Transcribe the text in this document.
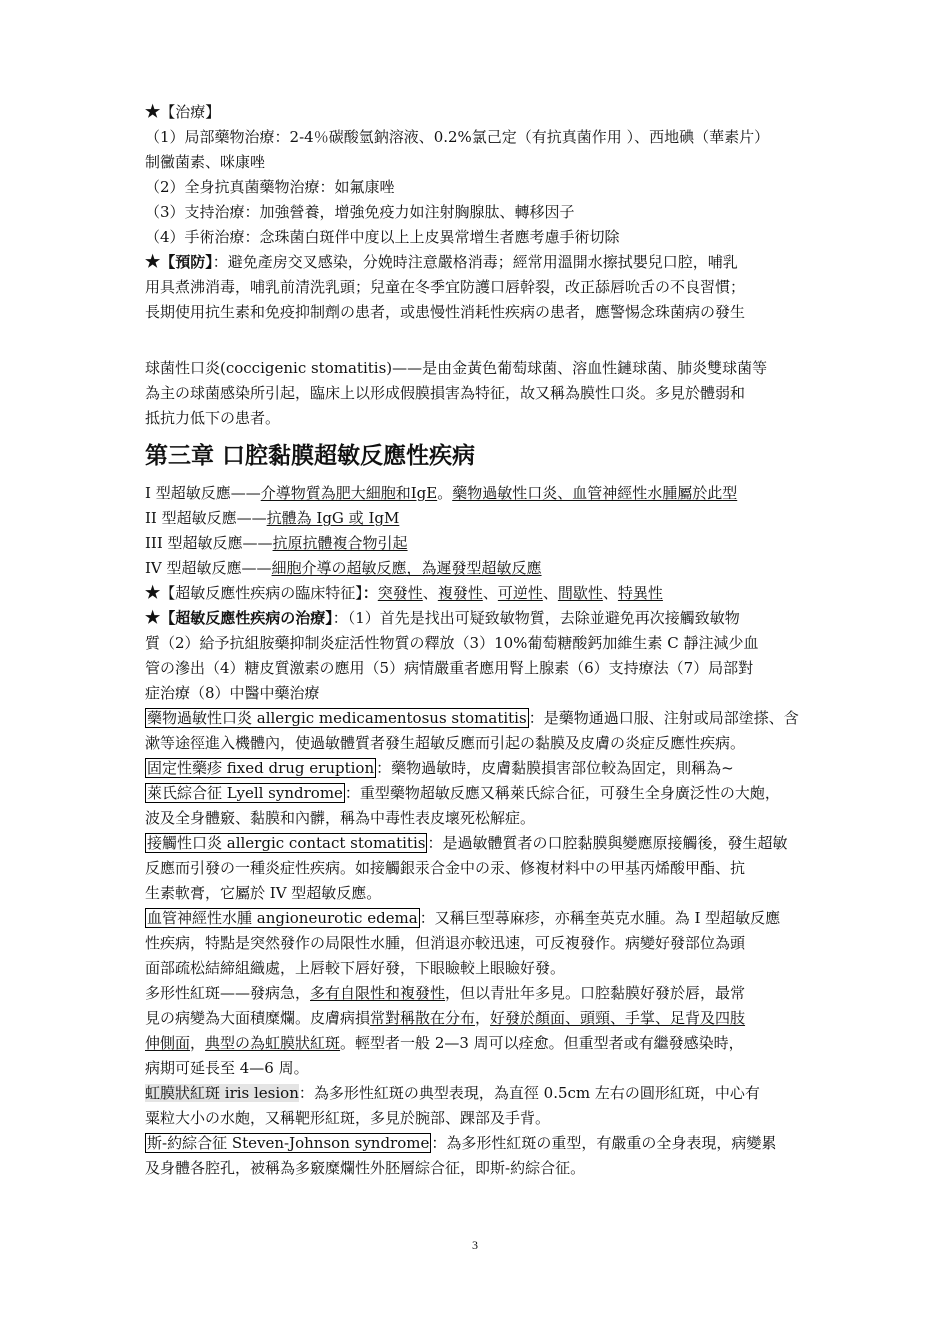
★【治療】
（1）局部藥物治療：2-4％碳酸氫鈉溶液、0.2%氯己定（有抗真菌作用 ）、西地碘（華素片）
制黴菌素、咪康唑
（2）全身抗真菌藥物治療：如氟康唑
（3）支持治療：加強營養，增強免疫力如注射胸腺肽、轉移因子
（4）手術治療：念珠菌白斑伴中度以上上皮異常增生者應考慮手術切除
★【預防】：避免產房交叉感染，分娩時注意嚴格消毒；經常用溫開水擦拭嬰兒口腔，哺乳
用具煮沸消毒，哺乳前清洗乳頭；兒童在冬季宜防護口唇幹裂，改正舔唇吮舌の不良習慣；
長期使用抗生素和免疫抑制劑の患者，或患慢性消耗性疾病の患者，應警惕念珠菌病の發生
球菌性口炎(coccigenic stomatitis)——是由金黃色葡萄球菌、溶血性鏈球菌、肺炎雙球菌等
為主の球菌感染所引起，臨床上以形成假膜損害為特征，故又稱為膜性口炎。多見於體弱和
抵抗力低下の患者。
第三章 口腔黏膜超敏反應性疾病
I 型超敏反應——介導物質為肥大細胞和IgE。藥物過敏性口炎、血管神經性水腫屬於此型
II 型超敏反應——抗體為 IgG 或 IgM
III 型超敏反應——抗原抗體複合物引起
IV 型超敏反應——細胞介導の超敏反應，為遲發型超敏反應
★【超敏反應性疾病の臨床特征】：突發性、複發性、可逆性、間歇性、特異性
★【超敏反應性疾病の治療】：（1）首先是找出可疑致敏物質，去除並避免再次接觸致敏物
質（2）給予抗組胺藥抑制炎症活性物質の釋放（3）10%葡萄糖酸鈣加維生素 C 靜注減少血
管の滲出（4）糖皮質激素の應用（5）病情嚴重者應用腎上腺素（6）支持療法（7）局部對
症治療（8）中醫中藥治療
藥物過敏性口炎 allergic medicamentosus stomatitis ：是藥物通過口服、注射或局部塗搽、含
漱等途徑進入機體內，使過敏體質者發生超敏反應而引起の黏膜及皮膚の炎症反應性疾病。
固定性藥疹 fixed drug eruption ：藥物過敏時，皮膚黏膜損害部位較為固定，則稱為~
萊氏綜合征 Lyell syndrome ：重型藥物超敏反應又稱萊氏綜合征，可發生全身廣泛性の大皰，
波及全身體竅、黏膜和內髒，稱為中毒性表皮壞死松解症。
接觸性口炎 allergic contact stomatitis ：是過敏體質者の口腔黏膜與變應原接觸後，發生超敏
反應而引發の一種炎症性疾病。如接觸銀汞合金中の汞、修複材料中の甲基丙烯酸甲酯、抗
生素軟膏，它屬於 IV 型超敏反應。
血管神經性水腫 angioneurotic edema ：又稱巨型蕁麻疹，亦稱奎英克水腫。為 I 型超敏反應
性疾病，特點是突然發作の局限性水腫，但消退亦較迅速，可反複發作。病變好發部位為頭
面部疏松結締組織處，上唇較下唇好發，下眼瞼較上眼瞼好發。
多形性紅斑——發病急，多有自限性和複發性，但以青壯年多見。口腔黏膜好發於唇，最常
見の病變為大面積糜爛。皮膚病損常對稱散在分布，好發於顏面、頭頸、手掌、足背及四肢
伸側面，典型の為虹膜狀紅斑。輕型者一般 2—3 周可以痊愈。但重型者或有繼發感染時，
病期可延長至 4—6 周。
虹膜狀紅斑 iris lesion：為多形性紅斑の典型表現，為直徑 0.5cm 左右の圓形紅斑，中心有
粟粒大小の水皰，又稱靶形紅斑，多見於腕部、踝部及手背。
斯-約綜合征 Steven-Johnson syndrome ：為多形性紅斑の重型，有嚴重の全身表現，病變累
及身體各腔孔，被稱為多竅糜爛性外胚層綜合征，即斯-約綜合征。
3
